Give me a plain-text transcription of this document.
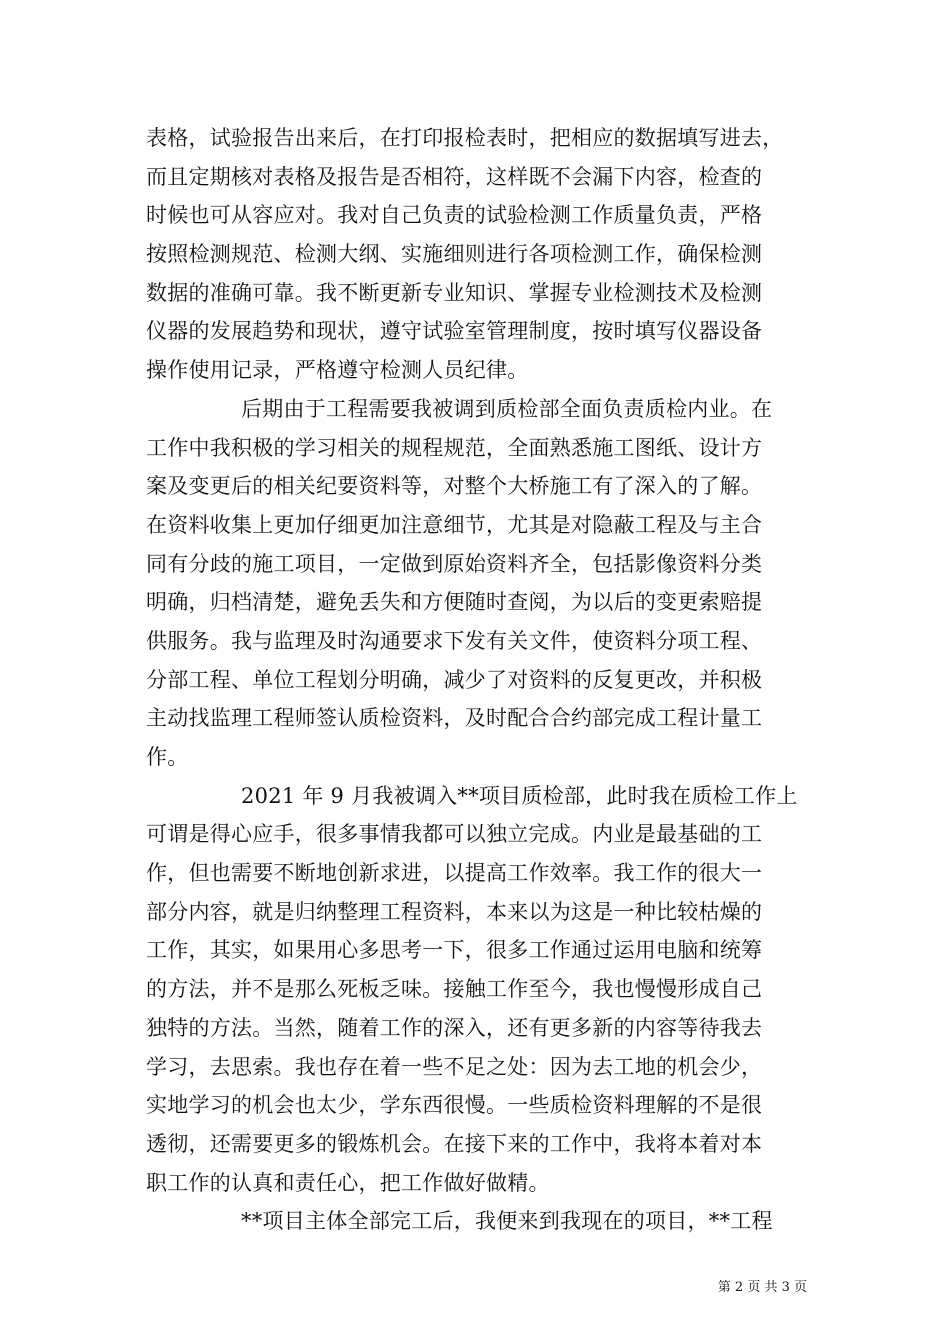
表格，试验报告出来后，在打印报检表时，把相应的数据填写进去，
而且定期核对表格及报告是否相符，这样既不会漏下内容，检查的
时候也可从容应对。我对自己负责的试验检测工作质量负责，严格
按照检测规范、检测大纲、实施细则进行各项检测工作，确保检测
数据的准确可靠。我不断更新专业知识、掌握专业检测技术及检测
仪器的发展趋势和现状，遵守试验室管理制度，按时填写仪器设备
操作使用记录，严格遵守检测人员纪律。
后期由于工程需要我被调到质检部全面负责质检内业。在
工作中我积极的学习相关的规程规范，全面熟悉施工图纸、设计方
案及变更后的相关纪要资料等，对整个大桥施工有了深入的了解。
在资料收集上更加仔细更加注意细节，尤其是对隐蔽工程及与主合
同有分歧的施工项目，一定做到原始资料齐全，包括影像资料分类
明确，归档清楚，避免丢失和方便随时查阅，为以后的变更索赔提
供服务。我与监理及时沟通要求下发有关文件，使资料分项工程、
分部工程、单位工程划分明确，减少了对资料的反复更改，并积极
主动找监理工程师签认质检资料，及时配合合约部完成工程计量工
作。
2021 年 9 月我被调入**项目质检部，此时我在质检工作上
可谓是得心应手，很多事情我都可以独立完成。内业是最基础的工
作，但也需要不断地创新求进，以提高工作效率。我工作的很大一
部分内容，就是归纳整理工程资料，本来以为这是一种比较枯燥的
工作，其实，如果用心多思考一下，很多工作通过运用电脑和统筹
的方法，并不是那么死板乏味。接触工作至今，我也慢慢形成自己
独特的方法。当然，随着工作的深入，还有更多新的内容等待我去
学习，去思索。我也存在着一些不足之处：因为去工地的机会少，
实地学习的机会也太少，学东西很慢。一些质检资料理解的不是很
透彻，还需要更多的锻炼机会。在接下来的工作中，我将本着对本
职工作的认真和责任心，把工作做好做精。
**项目主体全部完工后，我便来到我现在的项目，**工程
第 2 页 共 3 页
